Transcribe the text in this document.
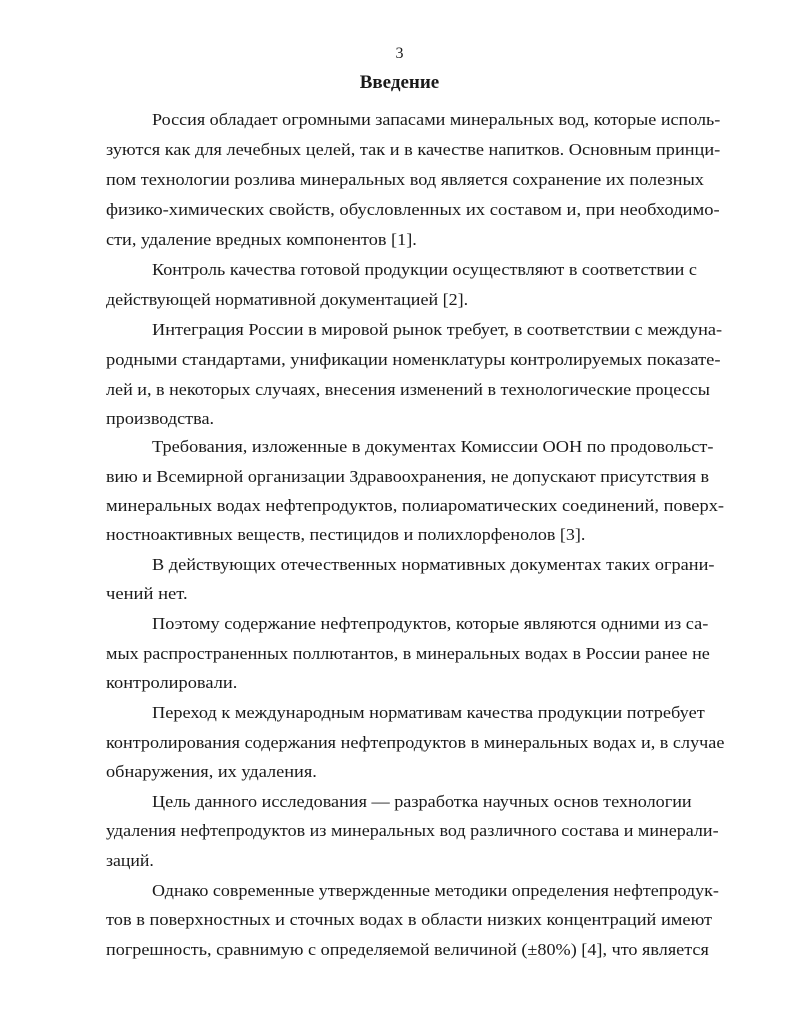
3
Введение
Россия обладает огромными запасами минеральных вод, которые исполь-
зуются как для лечебных целей, так и в качестве напитков. Основным принци-
пом технологии розлива минеральных вод является сохранение их полезных
физико-химических свойств, обусловленных их составом и, при необходимо-
сти, удаление вредных компонентов [1].
Контроль качества готовой продукции осуществляют в соответствии с
действующей нормативной документацией [2].
Интеграция России в мировой рынок требует, в соответствии с междуна-
родными стандартами, унификации номенклатуры контролируемых показате-
лей и, в некоторых случаях, внесения изменений в технологические процессы
производства.
Требования, изложенные в документах Комиссии ООН по продовольст-
вию и Всемирной организации Здравоохранения, не допускают присутствия в
минеральных водах нефтепродуктов, полиароматических соединений, поверх-
ностноактивных веществ, пестицидов и полихлорфенолов [3].
В действующих отечественных нормативных документах таких ограни-
чений нет.
Поэтому содержание нефтепродуктов, которые являются одними из са-
мых распространенных поллютантов, в минеральных водах в России ранее не
контролировали.
Переход к международным нормативам качества продукции потребует
контролирования содержания нефтепродуктов в минеральных водах и, в случае
обнаружения, их удаления.
Цель данного исследования — разработка научных основ технологии
удаления нефтепродуктов из минеральных вод различного состава и минерали-
заций.
Однако современные утвержденные методики определения нефтепродук-
тов в поверхностных и сточных водах в области низких концентраций имеют
погрешность, сравнимую с определяемой величиной (±80%) [4], что является
